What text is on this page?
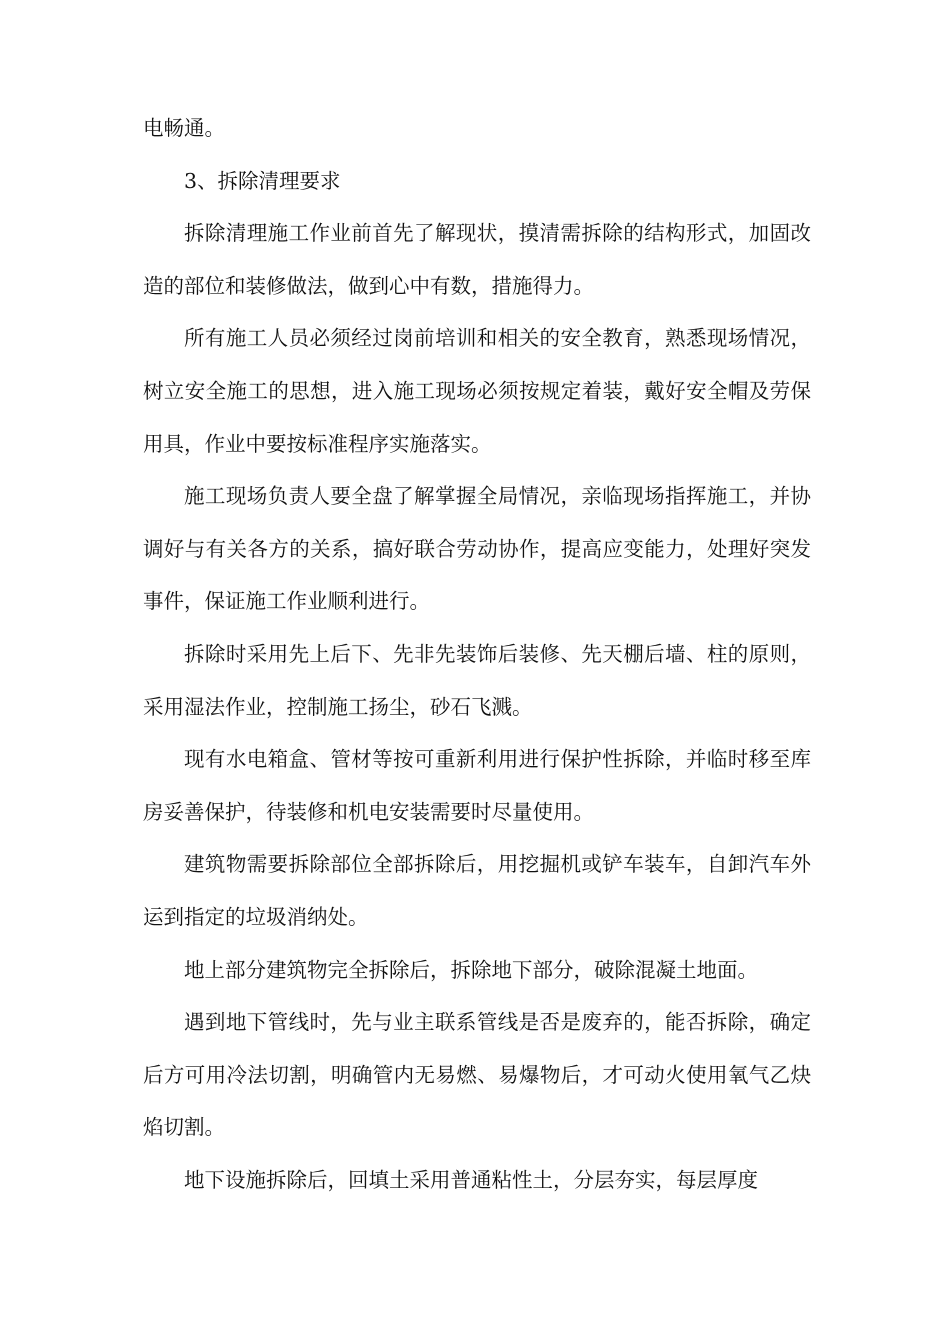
电畅通。

3、拆除清理要求

拆除清理施工作业前首先了解现状，摸清需拆除的结构形式，加固改造的部位和装修做法，做到心中有数，措施得力。

所有施工人员必须经过岗前培训和相关的安全教育，熟悉现场情况，树立安全施工的思想，进入施工现场必须按规定着装，戴好安全帽及劳保用具，作业中要按标准程序实施落实。

施工现场负责人要全盘了解掌握全局情况，亲临现场指挥施工，并协调好与有关各方的关系，搞好联合劳动协作，提高应变能力，处理好突发事件，保证施工作业顺利进行。

拆除时采用先上后下、先非先装饰后装修、先天棚后墙、柱的原则，采用湿法作业，控制施工扬尘，砂石飞溅。

现有水电箱盒、管材等按可重新利用进行保护性拆除，并临时移至库房妥善保护，待装修和机电安装需要时尽量使用。

建筑物需要拆除部位全部拆除后，用挖掘机或铲车装车，自卸汽车外运到指定的垃圾消纳处。

地上部分建筑物完全拆除后，拆除地下部分，破除混凝土地面。

遇到地下管线时，先与业主联系管线是否是废弃的，能否拆除，确定后方可用冷法切割，明确管内无易燃、易爆物后，才可动火使用氧气乙炔焰切割。

地下设施拆除后，回填土采用普通粘性土，分层夯实，每层厚度
